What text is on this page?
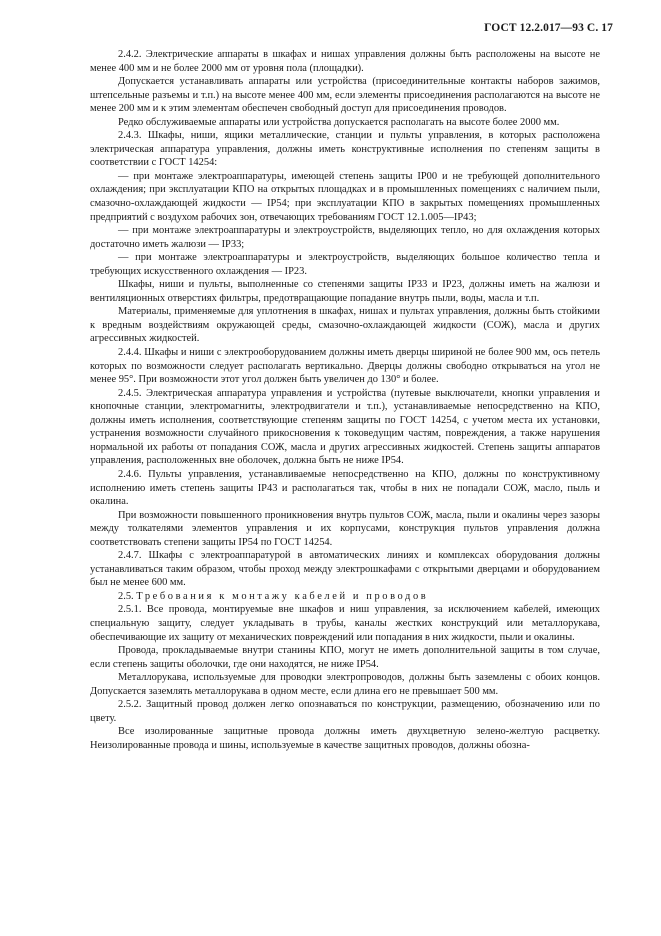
ГОСТ 12.2.017—93 С. 17

2.4.2. Электрические аппараты в шкафах и нишах управления должны быть расположены на высоте не менее 400 мм и не более 2000 мм от уровня пола (площадки).

Допускается устанавливать аппараты или устройства (присоединительные контакты наборов зажимов, штепсельные разъемы и т.п.) на высоте менее 400 мм, если элементы присоединения располагаются на высоте не менее 200 мм и к этим элементам обеспечен свободный доступ для присоединения проводов.

Редко обслуживаемые аппараты или устройства допускается располагать на высоте более 2000 мм.

2.4.3. Шкафы, ниши, ящики металлические, станции и пульты управления, в которых расположена электрическая аппаратура управления, должны иметь конструктивные исполнения по степеням защиты в соответствии с ГОСТ 14254:

— при монтаже электроаппаратуры, имеющей степень защиты IP00 и не требующей дополнительного охлаждения; при эксплуатации КПО на открытых площадках и в промышленных помещениях с наличием пыли, смазочно-охлаждающей жидкости — IP54; при эксплуатации КПО в закрытых помещениях промышленных предприятий с воздухом рабочих зон, отвечающих требованиям ГОСТ 12.1.005—IP43;

— при монтаже электроаппаратуры и электроустройств, выделяющих тепло, но для охлаждения которых достаточно иметь жалюзи — IP33;

— при монтаже электроаппаратуры и электроустройств, выделяющих большое количество тепла и требующих искусственного охлаждения — IP23.

Шкафы, ниши и пульты, выполненные со степенями защиты IP33 и IP23, должны иметь на жалюзи и вентиляционных отверстиях фильтры, предотвращающие попадание внутрь пыли, воды, масла и т.п.

Материалы, применяемые для уплотнения в шкафах, нишах и пультах управления, должны быть стойкими к вредным воздействиям окружающей среды, смазочно-охлаждающей жидкости (СОЖ), масла и других агрессивных жидкостей.

2.4.4. Шкафы и ниши с электрооборудованием должны иметь дверцы шириной не более 900 мм, ось петель которых по возможности следует располагать вертикально. Дверцы должны свободно открываться на угол не менее 95°. При возможности этот угол должен быть увеличен до 130° и более.

2.4.5. Электрическая аппаратура управления и устройства (путевые выключатели, кнопки управления и кнопочные станции, электромагниты, электродвигатели и т.п.), устанавливаемые непосредственно на КПО, должны иметь исполнения, соответствующие степеням защиты по ГОСТ 14254, с учетом места их установки, устранения возможности случайного прикосновения к токоведущим частям, повреждения, а также нарушения нормальной их работы от попадания СОЖ, масла и других агрессивных жидкостей. Степень защиты аппаратов управления, расположенных вне оболочек, должна быть не ниже IP54.

2.4.6. Пульты управления, устанавливаемые непосредственно на КПО, должны по конструктивному исполнению иметь степень защиты IP43 и располагаться так, чтобы в них не попадали СОЖ, масло, пыль и окалина.

При возможности повышенного проникновения внутрь пультов СОЖ, масла, пыли и окалины через зазоры между толкателями элементов управления и их корпусами, конструкция пультов управления должна соответствовать степени защиты IP54 по ГОСТ 14254.

2.4.7. Шкафы с электроаппаратурой в автоматических линиях и комплексах оборудования должны устанавливаться таким образом, чтобы проход между электрошкафами с открытыми дверцами и оборудованием был не менее 600 мм.

2.5. Требования к монтажу кабелей и проводов

2.5.1. Все провода, монтируемые вне шкафов и ниш управления, за исключением кабелей, имеющих специальную защиту, следует укладывать в трубы, каналы жестких конструкций или металлорукава, обеспечивающие их защиту от механических повреждений или попадания в них жидкости, пыли и окалины.

Провода, прокладываемые внутри станины КПО, могут не иметь дополнительной защиты в том случае, если степень защиты оболочки, где они находятся, не ниже IP54.

Металлорукава, используемые для проводки электропроводов, должны быть заземлены с обоих концов. Допускается заземлять металлорукава в одном месте, если длина его не превышает 500 мм.

2.5.2. Защитный провод должен легко опознаваться по конструкции, размещению, обозначению или по цвету.

Все изолированные защитные провода должны иметь двухцветную зелено-желтую расцветку. Неизолированные провода и шины, используемые в качестве защитных проводов, должны обозна-
